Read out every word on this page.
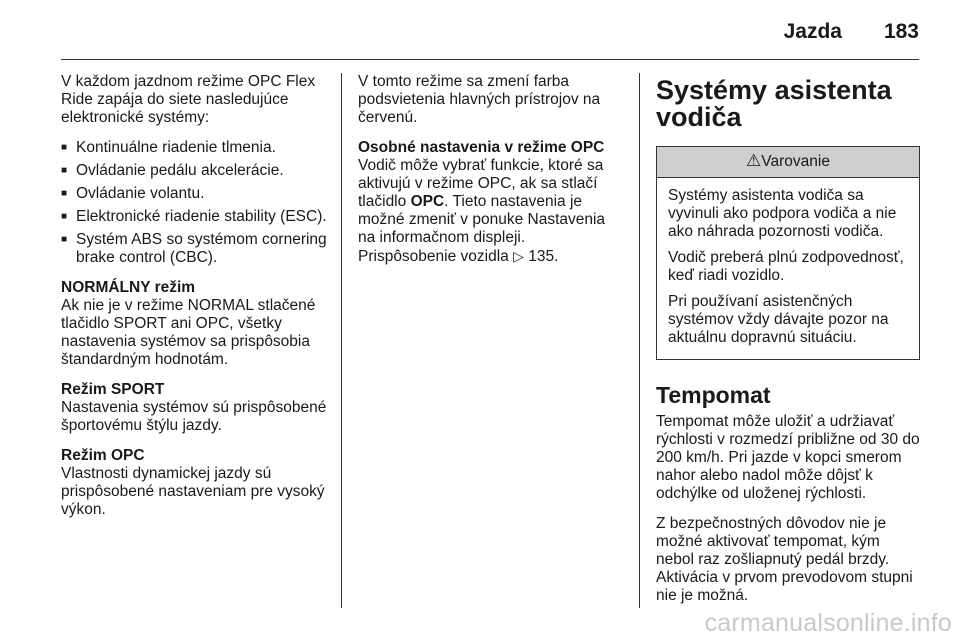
Jazda 183

V každom jazdnom režime OPC Flex Ride zapája do siete nasledujúce elektronické systémy:

■ Kontinuálne riadenie tlmenia.
■ Ovládanie pedálu akcelerácie.
■ Ovládanie volantu.
■ Elektronické riadenie stability (ESC).
■ Systém ABS so systémom cornering brake control (CBC).

NORMÁLNY režim
Ak nie je v režime NORMAL stlačené tlačidlo SPORT ani OPC, všetky nastavenia systémov sa prispôsobia štandardným hodnotám.

Režim SPORT
Nastavenia systémov sú prispôsobené športovému štýlu jazdy.

Režim OPC
Vlastnosti dynamickej jazdy sú prispôsobené nastaveniam pre vysoký výkon.

V tomto režime sa zmení farba podsvietenia hlavných prístrojov na červenú.

Osobné nastavenia v režime OPC
Vodič môže vybrať funkcie, ktoré sa aktivujú v režime OPC, ak sa stlačí tlačidlo OPC. Tieto nastavenia je možné zmeniť v ponuke Nastavenia na informačnom displeji.
Prispôsobenie vozidla ▷ 135.

Systémy asistenta vodiča
⚠Varovanie

Systémy asistenta vodiča sa vyvinuli ako podpora vodiča a nie ako náhrada pozornosti vodiča.

Vodič preberá plnú zodpovednosť, keď riadi vozidlo.

Pri používaní asistenčných systémov vždy dávajte pozor na aktuálnu dopravnú situáciu.

Tempomat

Tempomat môže uložiť a udržiavať rýchlosti v rozmedzí približne od 30 do 200 km/h. Pri jazde v kopci smerom nahor alebo nadol môže dôjsť k odchýlke od uloženej rýchlosti.

Z bezpečnostných dôvodov nie je možné aktivovať tempomat, kým nebol raz zošliapnutý pedál brzdy. Aktivácia v prvom prevodovom stupni nie je možná.

carmanualsonline.info
